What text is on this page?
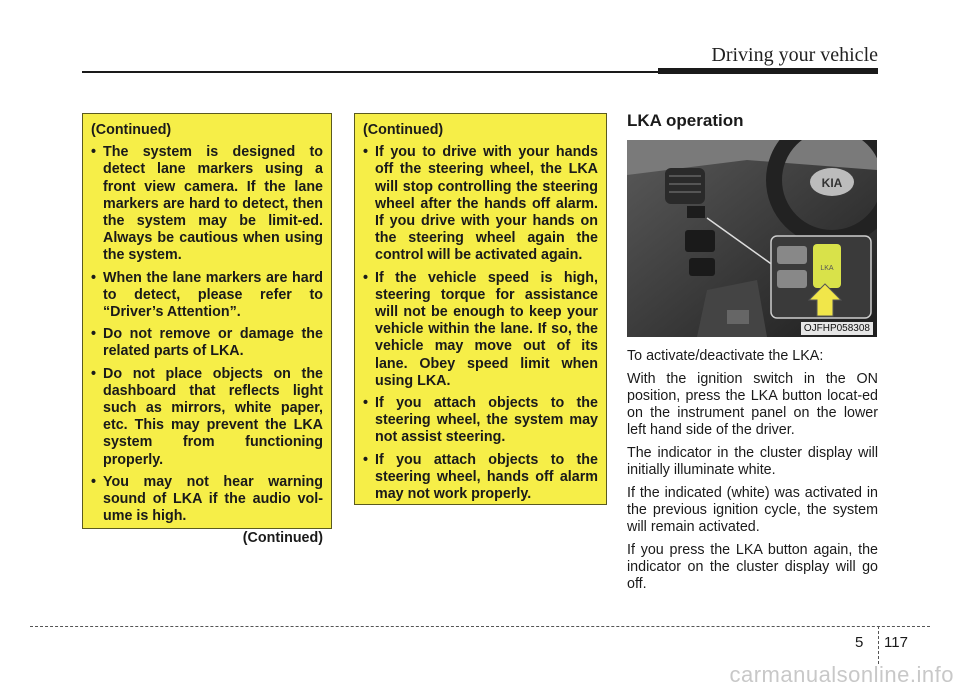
Driving your vehicle
(Continued)
• The system is designed to detect lane markers using a front view camera. If the lane markers are hard to detect, then the system may be limit-ed. Always be cautious when using the system.
• When the lane markers are hard to detect, please refer to “Driver’s Attention”.
• Do not remove or damage the related parts of LKA.
• Do not place objects on the dashboard that reflects light such as mirrors, white paper, etc. This may prevent the LKA system from functioning properly.
• You may not hear warning sound of LKA if the audio vol-ume is high.
(Continued)
(Continued)
• If you to drive with your hands off the steering wheel, the LKA will stop controlling the steering wheel after the hands off alarm. If you drive with your hands on the steering wheel again the control will be activated again.
• If the vehicle speed is high, steering torque for assistance will not be enough to keep your vehicle within the lane. If so, the vehicle may move out of its lane. Obey speed limit when using LKA.
• If you attach objects to the steering wheel, the system may not assist steering.
• If you attach objects to the steering wheel, hands off alarm may not work properly.
LKA operation
KIA
LKA
OJFHP058308

To activate/deactivate the LKA:

With the ignition switch in the ON position, press the LKA button locat-ed on the instrument panel on the lower left hand side of the driver.

The indicator in the cluster display will initially illuminate white.

If the indicated (white) was activated in the previous ignition cycle, the system will remain activated.

If you press the LKA button again, the indicator on the cluster display will go off.

5 117
carmanualsonline.info
